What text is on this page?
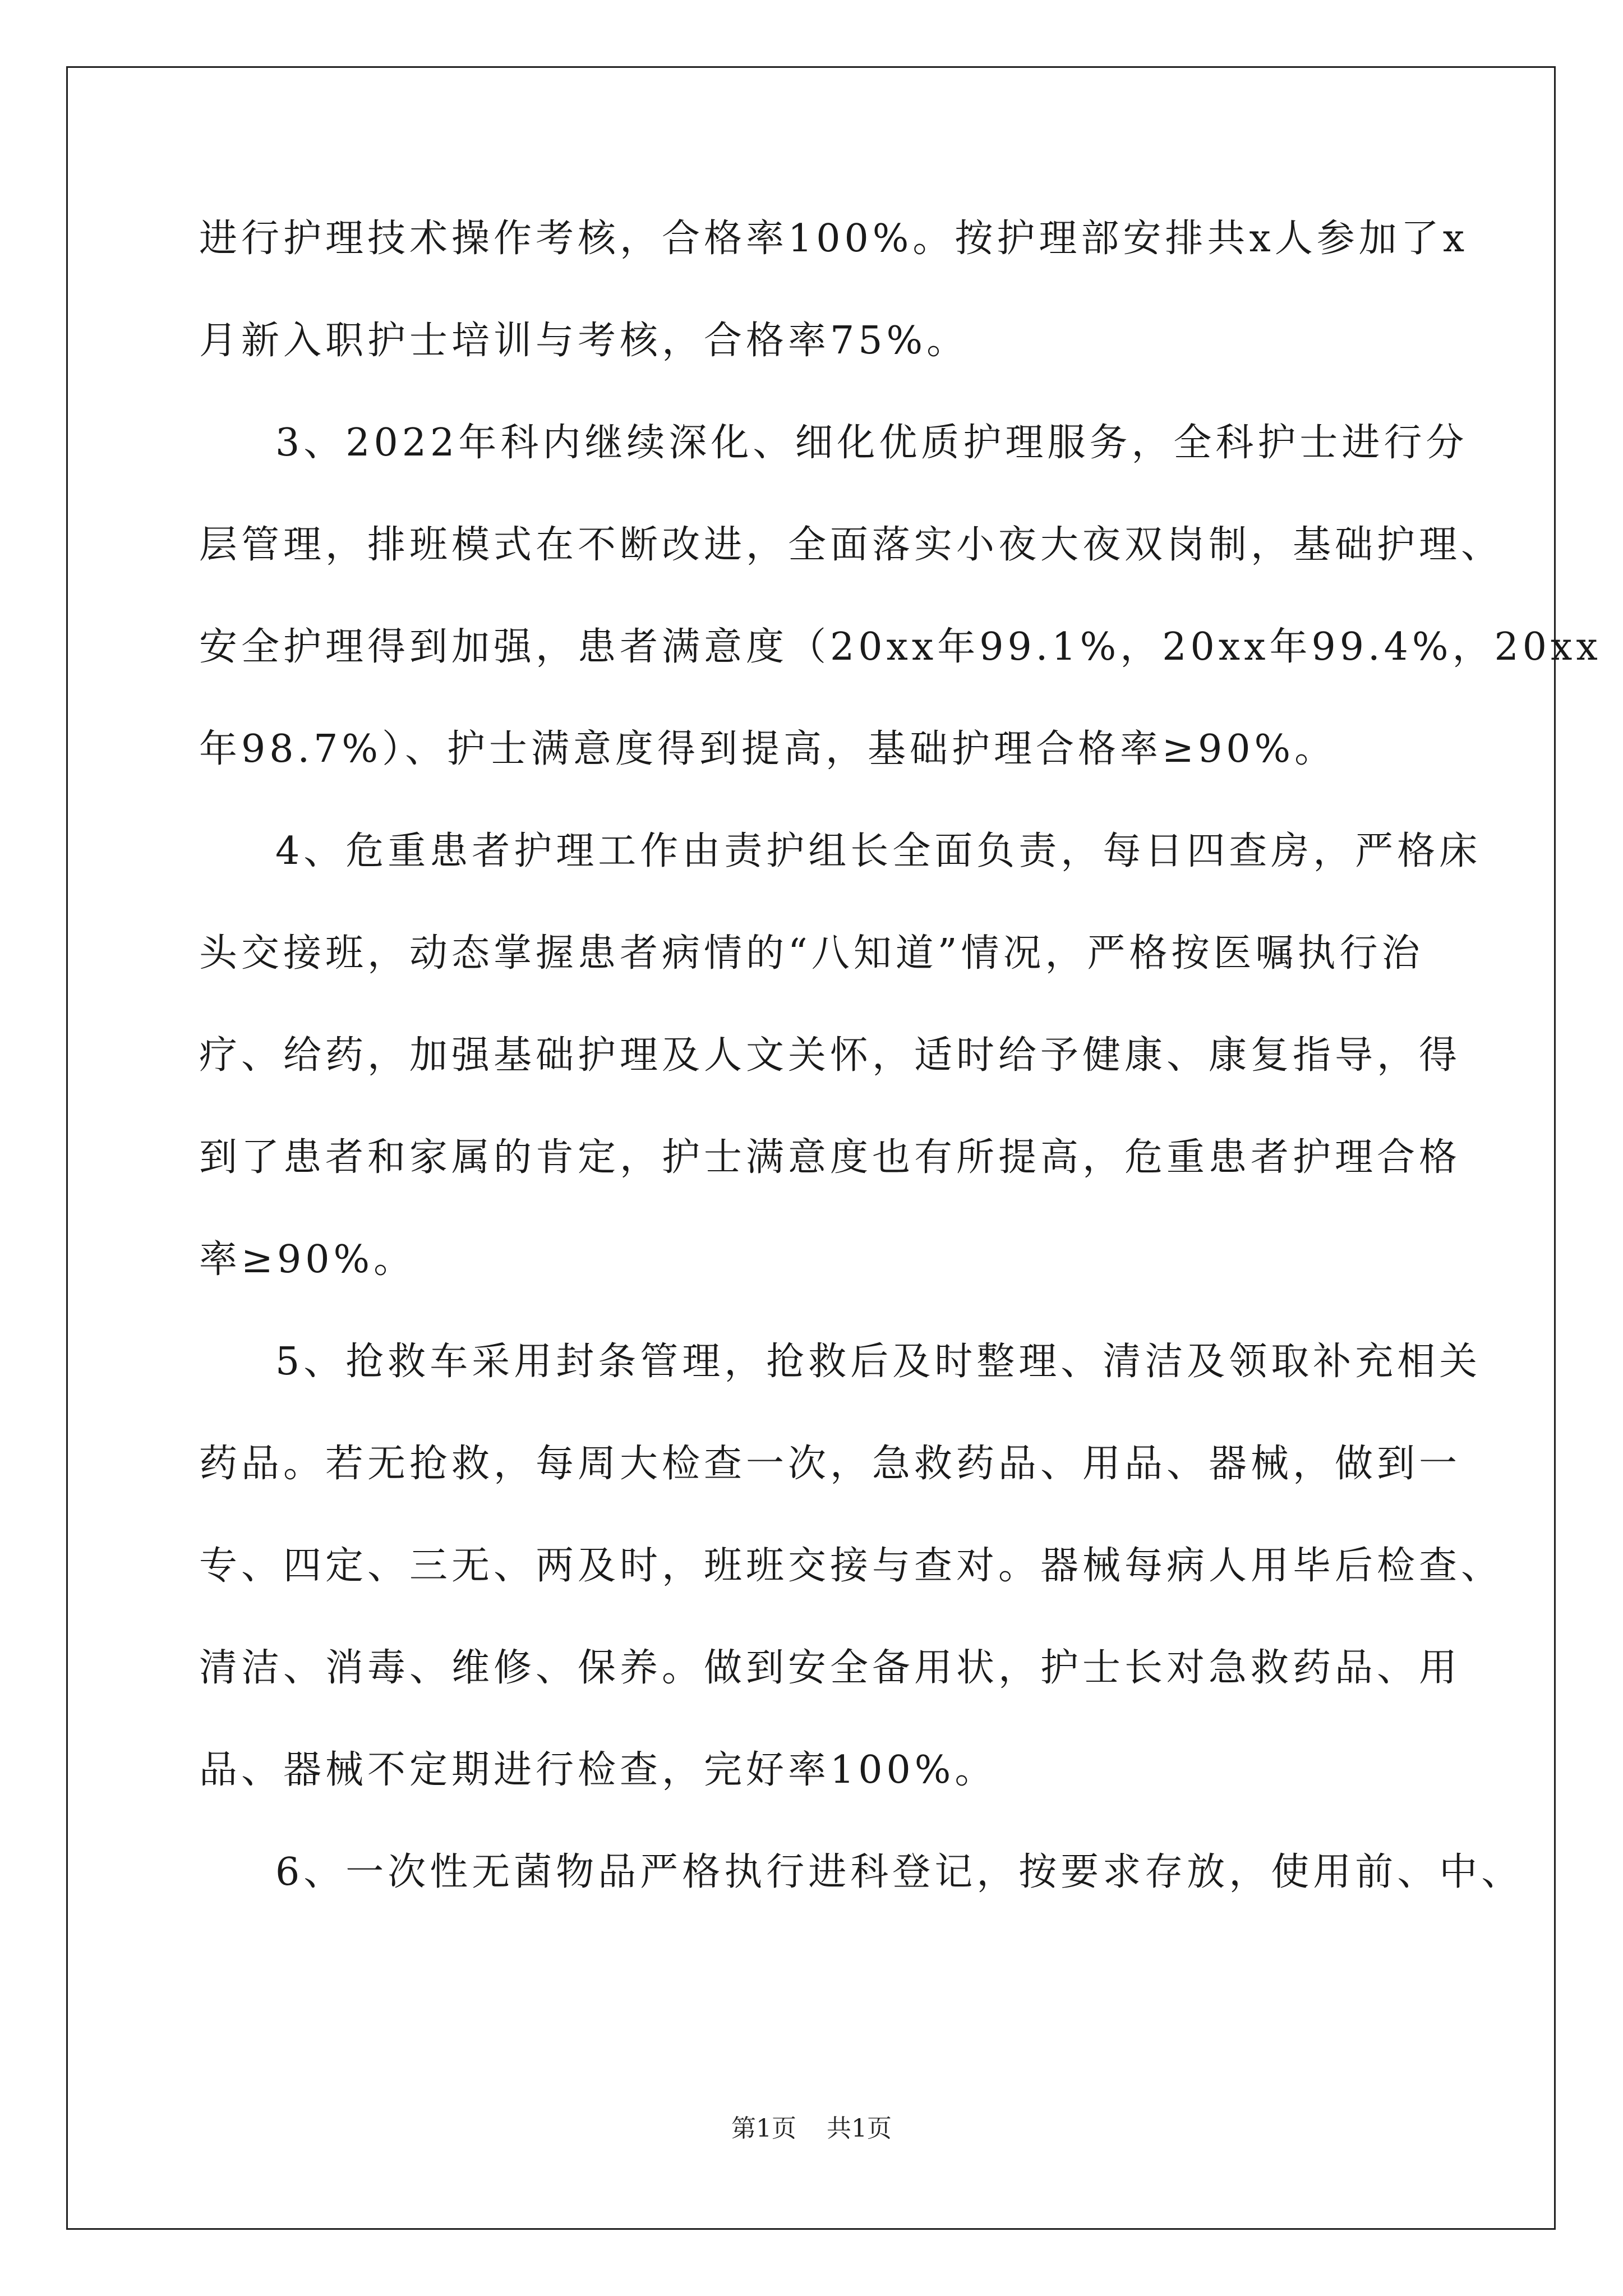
进行护理技术操作考核，合格率100%。按护理部安排共x人参加了x
月新入职护士培训与考核，合格率75%。
3、2022年科内继续深化、细化优质护理服务，全科护士进行分
层管理，排班模式在不断改进，全面落实小夜大夜双岗制，基础护理、
安全护理得到加强，患者满意度（20xx年99.1%，20xx年99.4%，20xx
年98.7%）、护士满意度得到提高，基础护理合格率≥90%。
4、危重患者护理工作由责护组长全面负责，每日四查房，严格床
头交接班，动态掌握患者病情的“八知道”情况，严格按医嘱执行治
疗、给药，加强基础护理及人文关怀，适时给予健康、康复指导，得
到了患者和家属的肯定，护士满意度也有所提高，危重患者护理合格
率≥90%。
5、抢救车采用封条管理，抢救后及时整理、清洁及领取补充相关
药品。若无抢救，每周大检查一次，急救药品、用品、器械，做到一
专、四定、三无、两及时，班班交接与查对。器械每病人用毕后检查、
清洁、消毒、维修、保养。做到安全备用状，护士长对急救药品、用
品、器械不定期进行检查，完好率100%。
6、一次性无菌物品严格执行进科登记，按要求存放，使用前、中、
第1页 共1页
